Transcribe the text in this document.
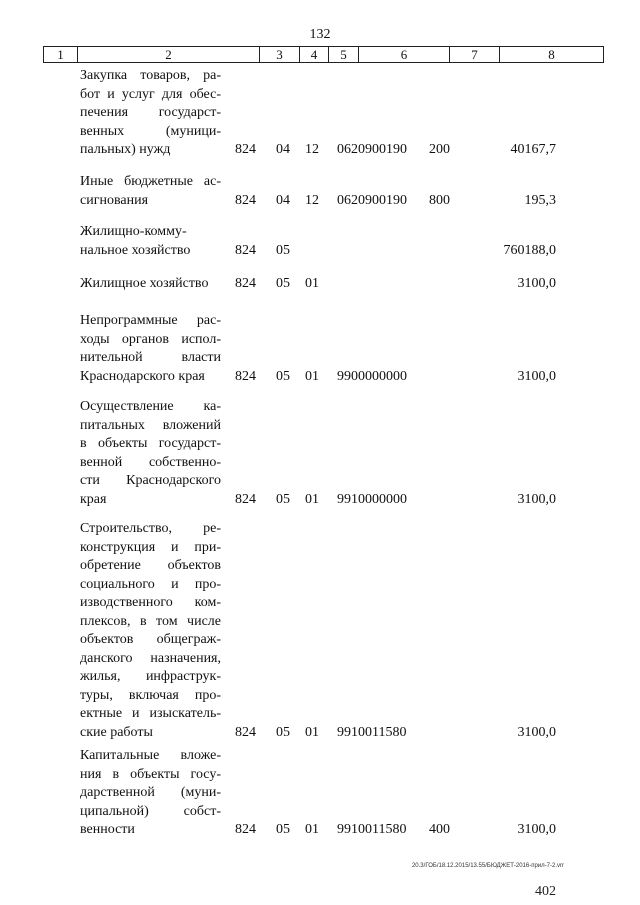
132
1	2	3	4	5	6	7	8
Закупка товаров, ра-
бот и услуг для обес-
печения государст-
венных (муници-
пальных) нужд	824 04 12 0620900190 200	40167,7
Иные бюджетные ас-
сигнования	824 04 12 0620900190 800	195,3
Жилищно-комму-
нальное хозяйство	824 05	760188,0
Жилищное хозяйство	824 05 01	3100,0
Непрограммные рас-
ходы органов испол-
нительной власти
Краснодарского края	824 05 01 9900000000	3100,0
Осуществление ка-
питальных вложений
в объекты государст-
венной собственно-
сти Краснодарского
края	824 05 01 9910000000	3100,0
Строительство, ре-
конструкция и при-
обретение объектов
социального и про-
изводственного ком-
плексов, в том числе
объектов общеграж-
данского назначения,
жилья, инфраструк-
туры, включая про-
ектные и изыскатель-
ские работы	824 05 01 9910011580	3100,0
Капитальные вложе-
ния в объекты госу-
дарственной (муни-
ципальной) собст-
венности	824 05 01 9910011580 400	3100,0
20.3/ГОБ/18.12.2015/13.55/БЮДЖЕТ-2016-прил-7-2.vrr
402
